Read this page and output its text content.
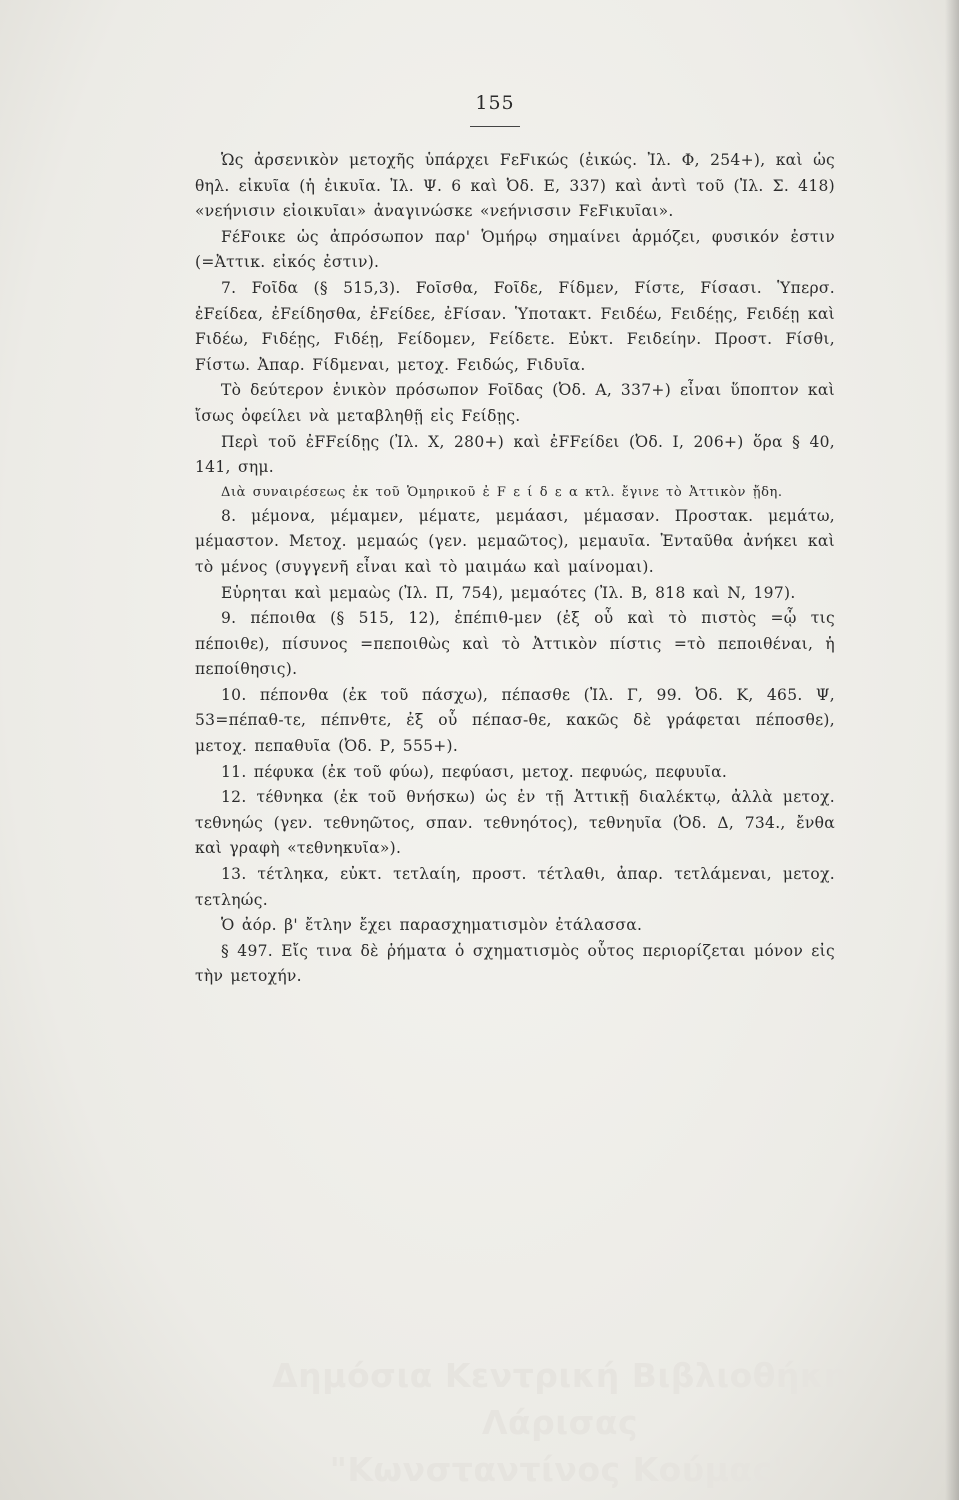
155

Ὡς ἀρσενικὸν μετοχῆς ὑπάρχει FεFικώς (ἐικώς. Ἰλ. Φ, 254+), καὶ ὡς θηλ. εἰκυῖα (ἡ ἐικυῖα. Ἰλ. Ψ. 6 καὶ Ὀδ. Ε, 337) καὶ ἀντὶ τοῦ (Ἰλ. Σ. 418) «νεήνισιν εἰοικυῖαι» ἀναγινώσκε «νεήνισσιν FεFικυῖαι».

FέFοικε ὡς ἀπρόσωπον παρ' Ὁμήρῳ σημαίνει ἁρμόζει, φυσικόν ἐστιν (=Ἀττικ. εἰκός ἐστιν).

7. Foῖδα (§ 515,3). Foῖσθα, Foῖδε, Fίδμεν, Fίστε, Fίσασι. Ὑπερσ. ἐFείδεα, ἐFείδησθα, ἐFείδεε, ἐFίσαν. Ὑποτακτ. Fειδέω, Fειδέῃς, Fειδέῃ καὶ Fιδέω, Fιδέῃς, Fιδέῃ, Fείδομεν, Fείδετε. Εὐκτ. Fειδείην. Προστ. Fίσθι, Fίστω. Ἀπαρ. Fίδμεναι, μετοχ. Fειδώς, Fιδυῖα.

Τὸ δεύτερον ἑνικὸν πρόσωπον Foῖδας (Ὀδ. Α, 337+) εἶναι ὕποπτον καὶ ἴσως ὀφείλει νὰ μεταβληθῇ εἰς Fείδῃς.

Περὶ τοῦ ἐFFείδῃς (Ἰλ. Χ, 280+) καὶ ἐFFείδει (Ὀδ. Ι, 206+) ὅρα § 40, 141, σημ.

Διὰ συναιρέσεως ἐκ τοῦ Ὁμηρικοῦ ἐ F ε ί δ ε α κτλ. ἔγινε τὸ Ἀττικὸν ᾔδη.

8. μέμονα, μέμαμεν, μέματε, μεμάασι, μέμασαν. Προστακ. μεμάτω, μέμαστον. Μετοχ. μεμαώς (γεν. μεμαῶτος), μεμαυῖα. Ἐνταῦθα ἀνήκει καὶ τὸ μένος (συγγενῆ εἶναι καὶ τὸ μαιμάω καὶ μαίνομαι).

Εὑρηται καὶ μεμαὼς (Ἰλ. Π, 754), μεμαότες (Ἰλ. Β, 818 καὶ Ν, 197).

9. πέποιθα (§ 515, 12), ἐπέπιθ-μεν (ἐξ οὗ καὶ τὸ πιστὸς =ᾧ τις πέποιθε), πίσυνος =πεποιθὼς καὶ τὸ Ἀττικὸν πίστις =τὸ πεποιθέναι, ἡ πεποίθησις).

10. πέπονθα (ἐκ τοῦ πάσχω), πέπασθε (Ἰλ. Γ, 99. Ὀδ. Κ, 465. Ψ, 53=πέπαθ-τε, πέπνθτε, ἐξ οὗ πέπασ-θε, κακῶς δὲ γράφεται πέποσθε), μετοχ. πεπαθυῖα (Ὀδ. Ρ, 555+).

11. πέφυκα (ἐκ τοῦ φύω), πεφύασι, μετοχ. πεφυώς, πεφυυῖα.

12. τέθνηκα (ἐκ τοῦ θνήσκω) ὡς ἐν τῇ Ἀττικῇ διαλέκτῳ, ἀλλὰ μετοχ. τεθνηώς (γεν. τεθνηῶτος, σπαν. τεθνηότος), τεθνηυῖα (Ὀδ. Δ, 734., ἔνθα καὶ γραφὴ «τεθνηκυῖα»).

13. τέτληκα, εὐκτ. τετλαίη, προστ. τέτλαθι, ἀπαρ. τετλάμεναι, μετοχ. τετληώς.

Ὁ ἀόρ. β' ἔτλην ἔχει παρασχηματισμὸν ἐτάλασσα.

§ 497. Εἴς τινα δὲ ῥήματα ὁ σχηματισμὸς οὗτος περιορίζεται μόνον εἰς τὴν μετοχήν.

Δημόσια Κεντρική Βιβλιοθήκη Λάρισας
"Κωνσταντίνος Κούμας"
